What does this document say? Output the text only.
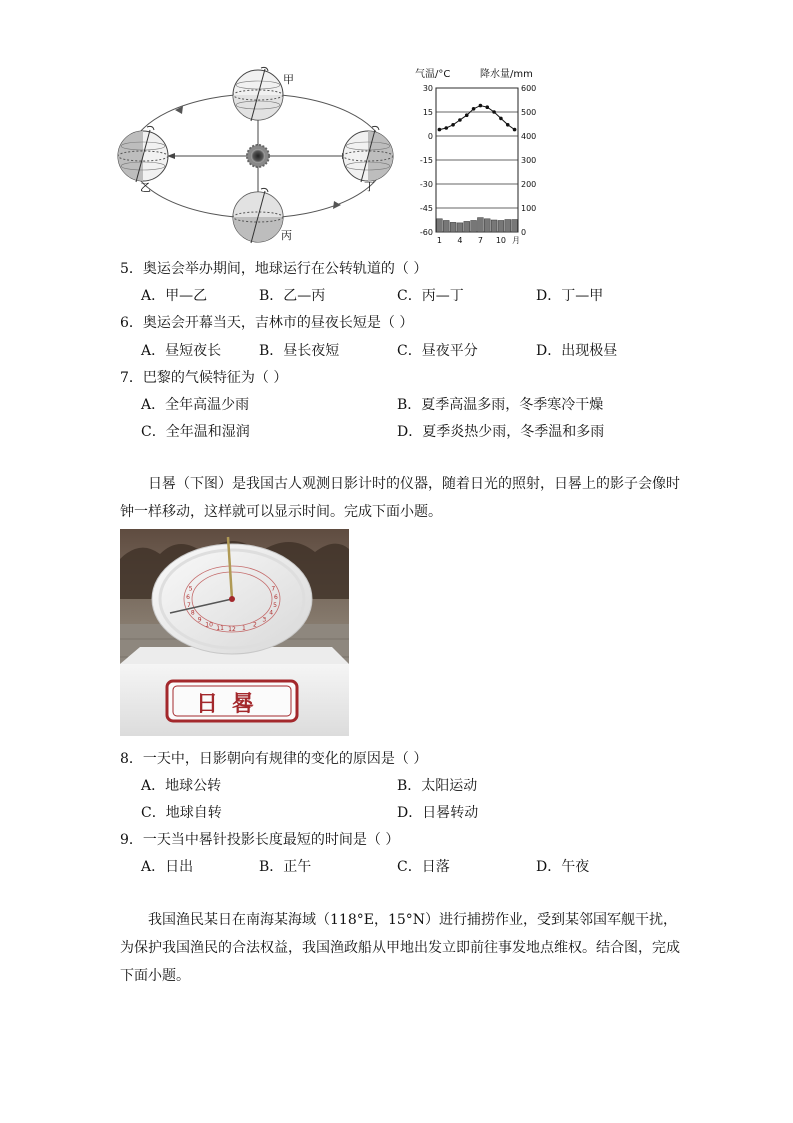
甲
乙
丙
丁
气温/°C	降水量/mm
30
15
0
-15
-30
-45
-60
600
500
400
300
200
100
0
1 4 7 10 月
5．奥运会举办期间，地球运行在公转轨道的（ ）
A．甲—乙	B．乙—丙	C．丙—丁	D．丁—甲
6．奥运会开幕当天，吉林市的昼夜长短是（ ）
A．昼短夜长	B．昼长夜短	C．昼夜平分	D．出现极昼
7．巴黎的气候特征为（ ）
A．全年高温少雨	B．夏季高温多雨，冬季寒冷干燥
C．全年温和湿润	D．夏季炎热少雨，冬季温和多雨
日晷（下图）是我国古人观测日影计时的仪器，随着日光的照射，日晷上的影子会像时钟一样移动，这样就可以显示时间。完成下面小题。
日晷
5
6
7
8
9
10 11 12 1 2
3
4
5
6
7
8．一天中，日影朝向有规律的变化的原因是（ ）
A．地球公转	B．太阳运动
C．地球自转	D．日晷转动
9．一天当中晷针投影长度最短的时间是（ ）
A．日出	B．正午	C．日落	D．午夜
我国渔民某日在南海某海域（118°E，15°N）进行捕捞作业，受到某邻国军舰干扰，为保护我国渔民的合法权益，我国渔政船从甲地出发立即前往事发地点维权。结合图，完成下面小题。
